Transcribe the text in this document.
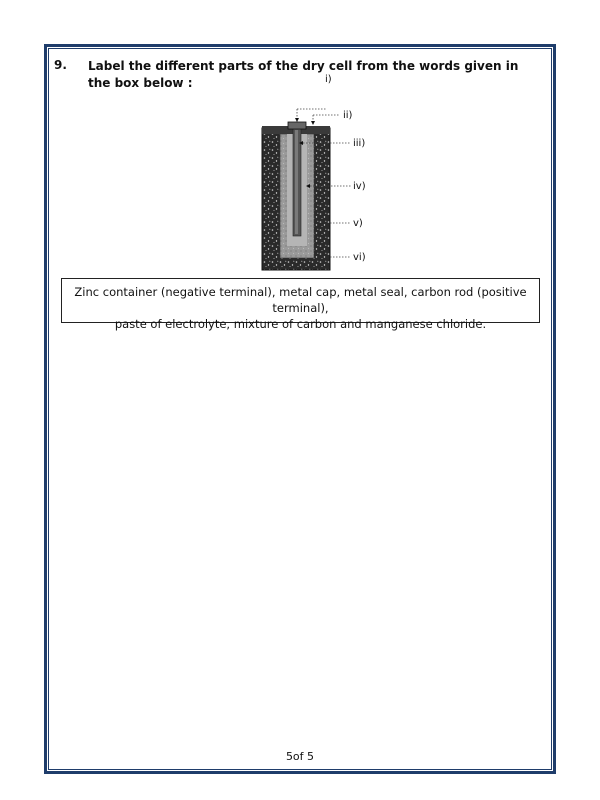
9. Label the different parts of the dry cell from the words given in the box below :
ii)
iii)
iv)
v)
vi)
i)
Zinc container (negative terminal), metal cap, metal seal, carbon rod (positive
terminal),
paste of electrolyte, mixture of carbon and manganese chloride.
5of 5
